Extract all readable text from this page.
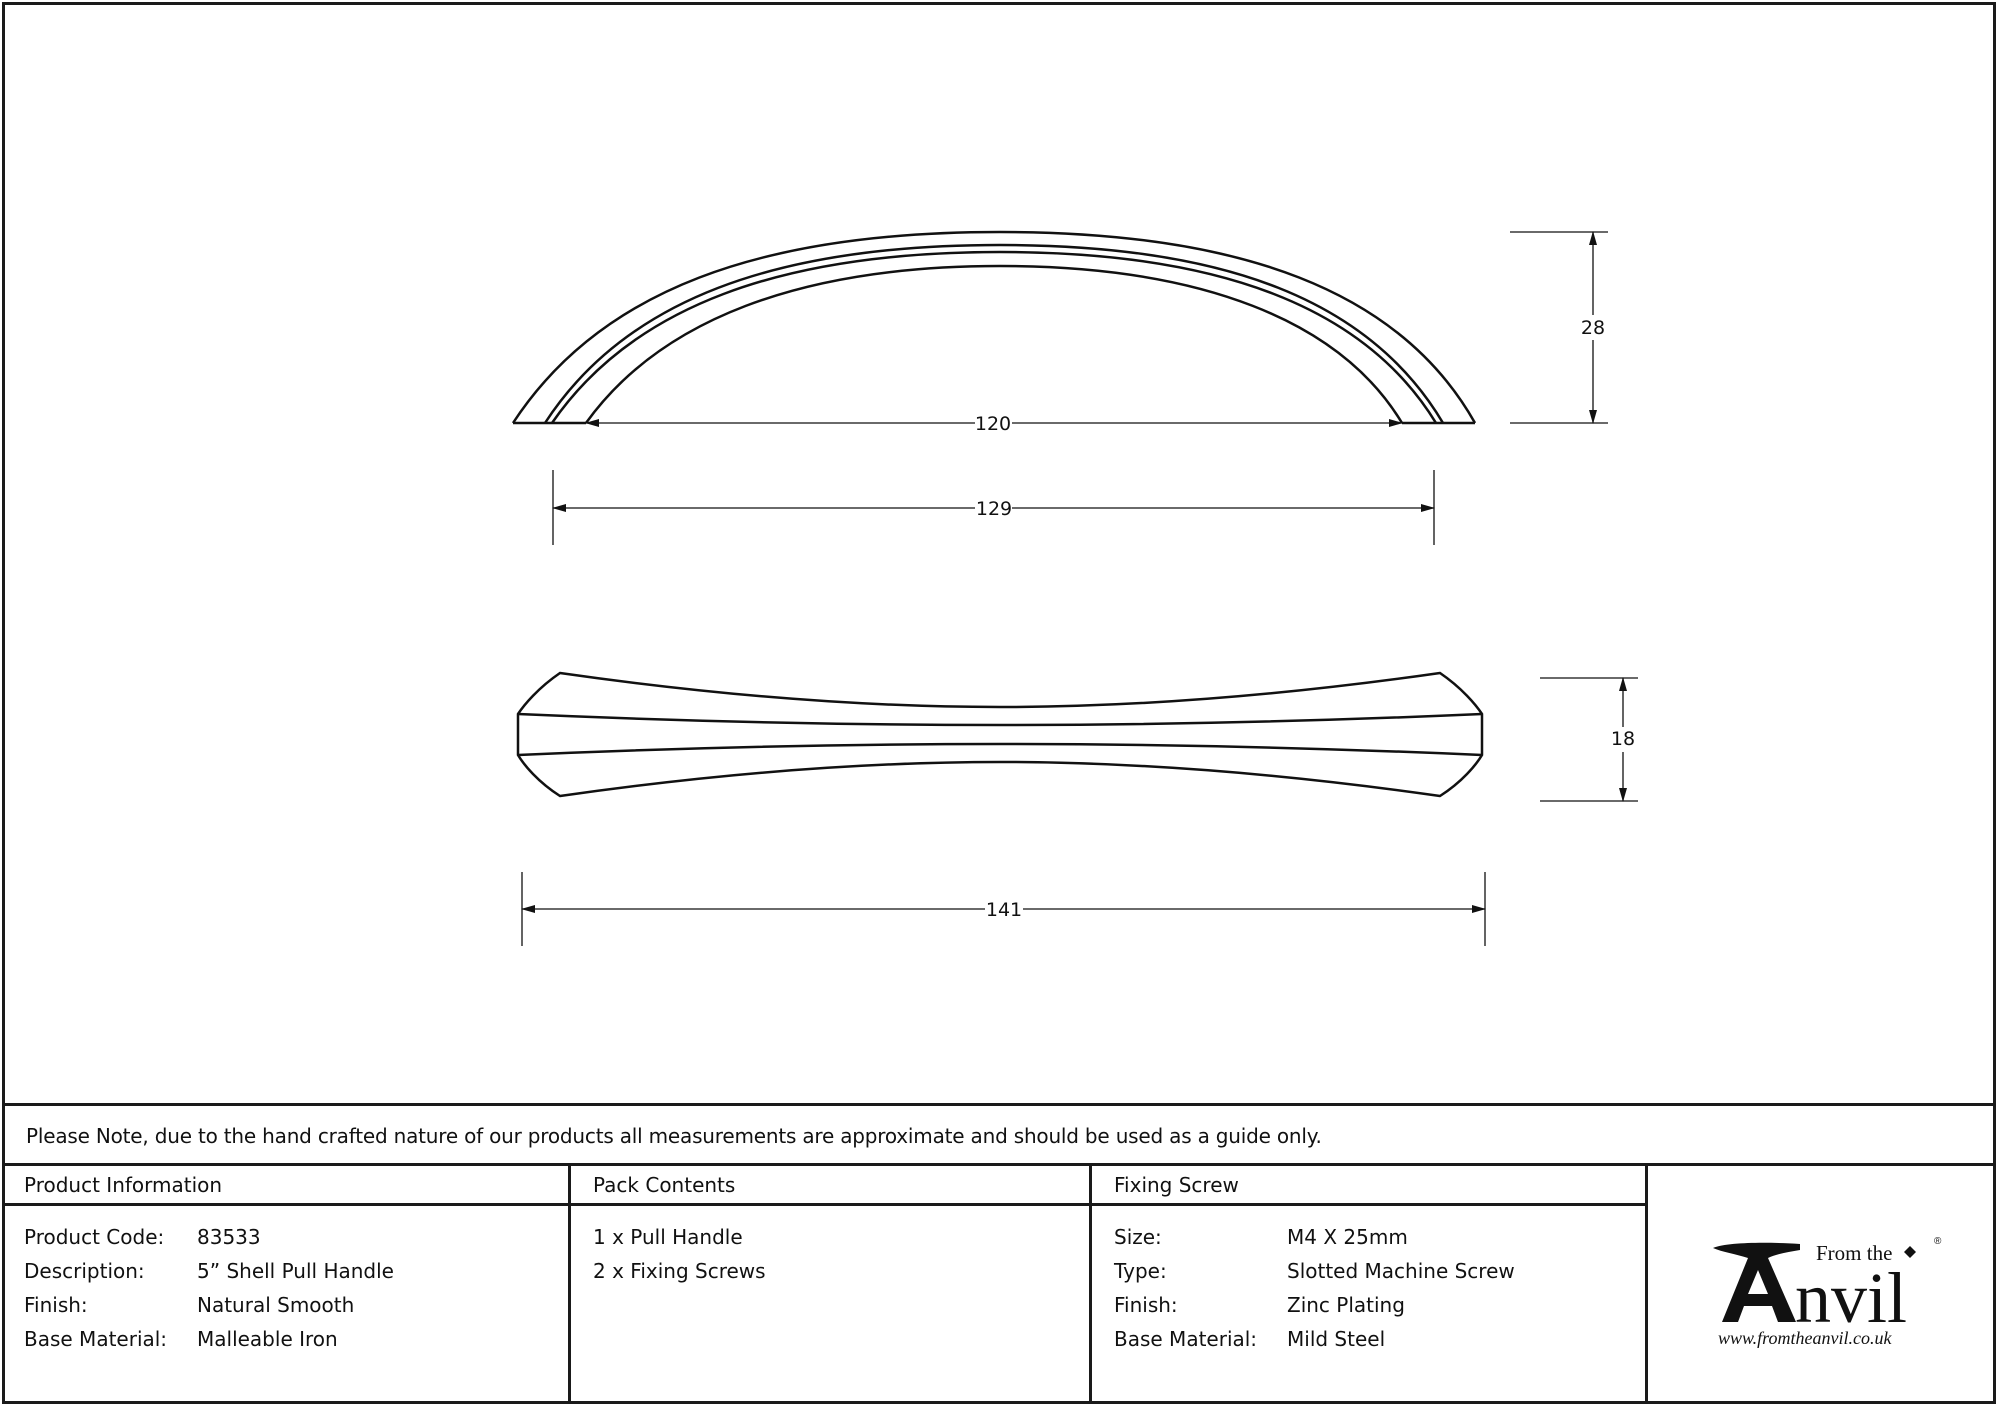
120
129
28
141
18
Please Note, due to the hand crafted nature of our products all measurements are approximate and should be used as a guide only.
Product Information
Product Code:	83533
Description:	5” Shell Pull Handle
Finish:	Natural Smooth
Base Material:	Malleable Iron
Pack Contents
1 x Pull Handle
2 x Fixing Screws
Fixing Screw
Size:	M4 X 25mm
Type:	Slotted Machine Screw
Finish:	Zinc Plating
Base Material:	Mild Steel
From the
nvil
®
www.fromtheanvil.co.uk
